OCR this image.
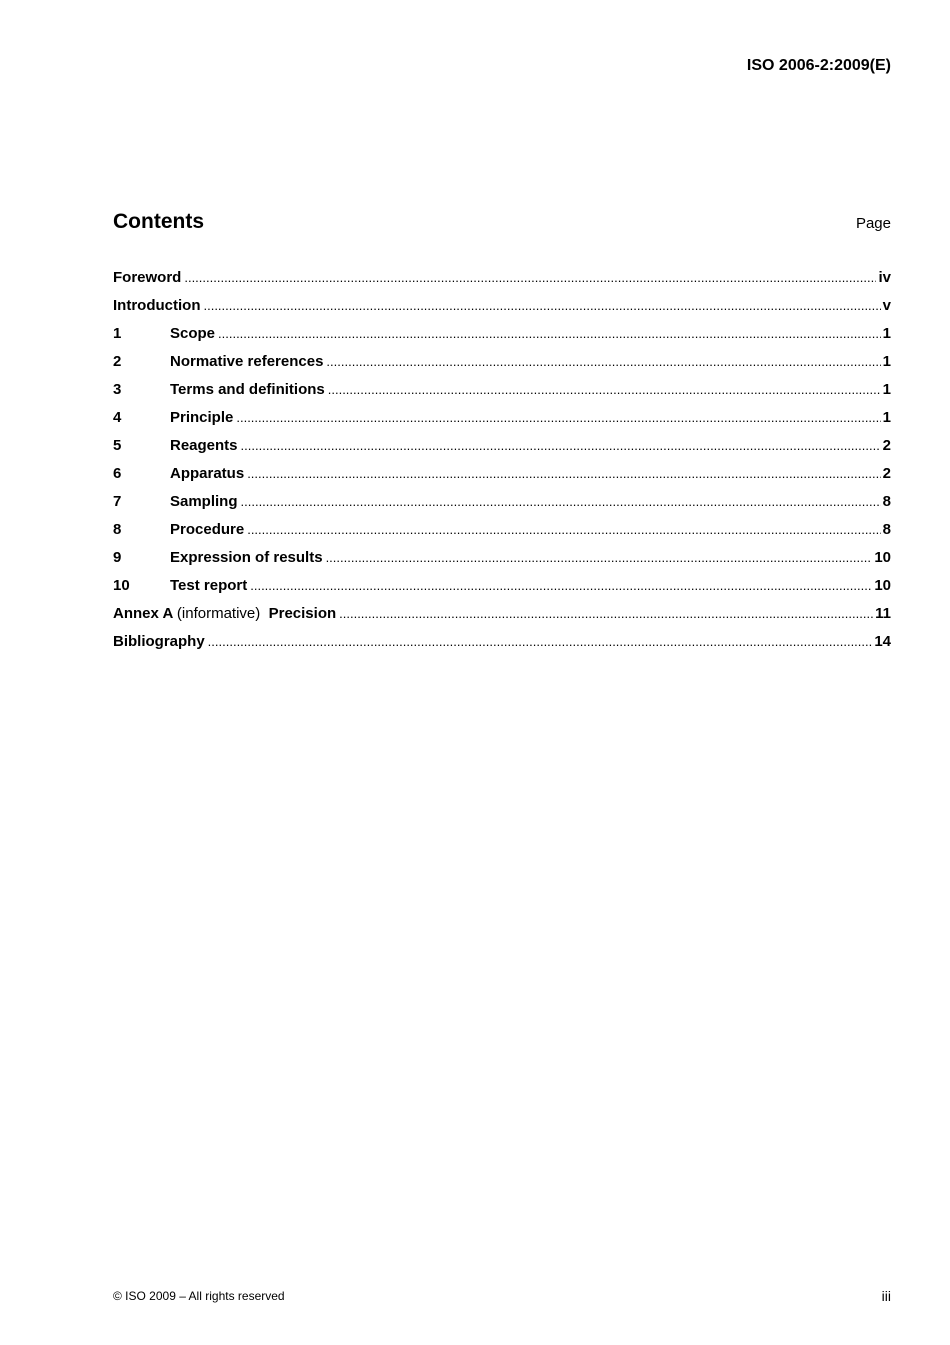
ISO 2006-2:2009(E)
Contents	Page
Foreword .....	iv
Introduction .....	v
1	Scope .....	1
2	Normative references .....	1
3	Terms and definitions .....	1
4	Principle .....	1
5	Reagents .....	2
6	Apparatus .....	2
7	Sampling .....	8
8	Procedure .....	8
9	Expression of results .....	10
10	Test report .....	10
Annex A (informative) Precision .....	11
Bibliography .....	14
© ISO 2009 – All rights reserved	iii
